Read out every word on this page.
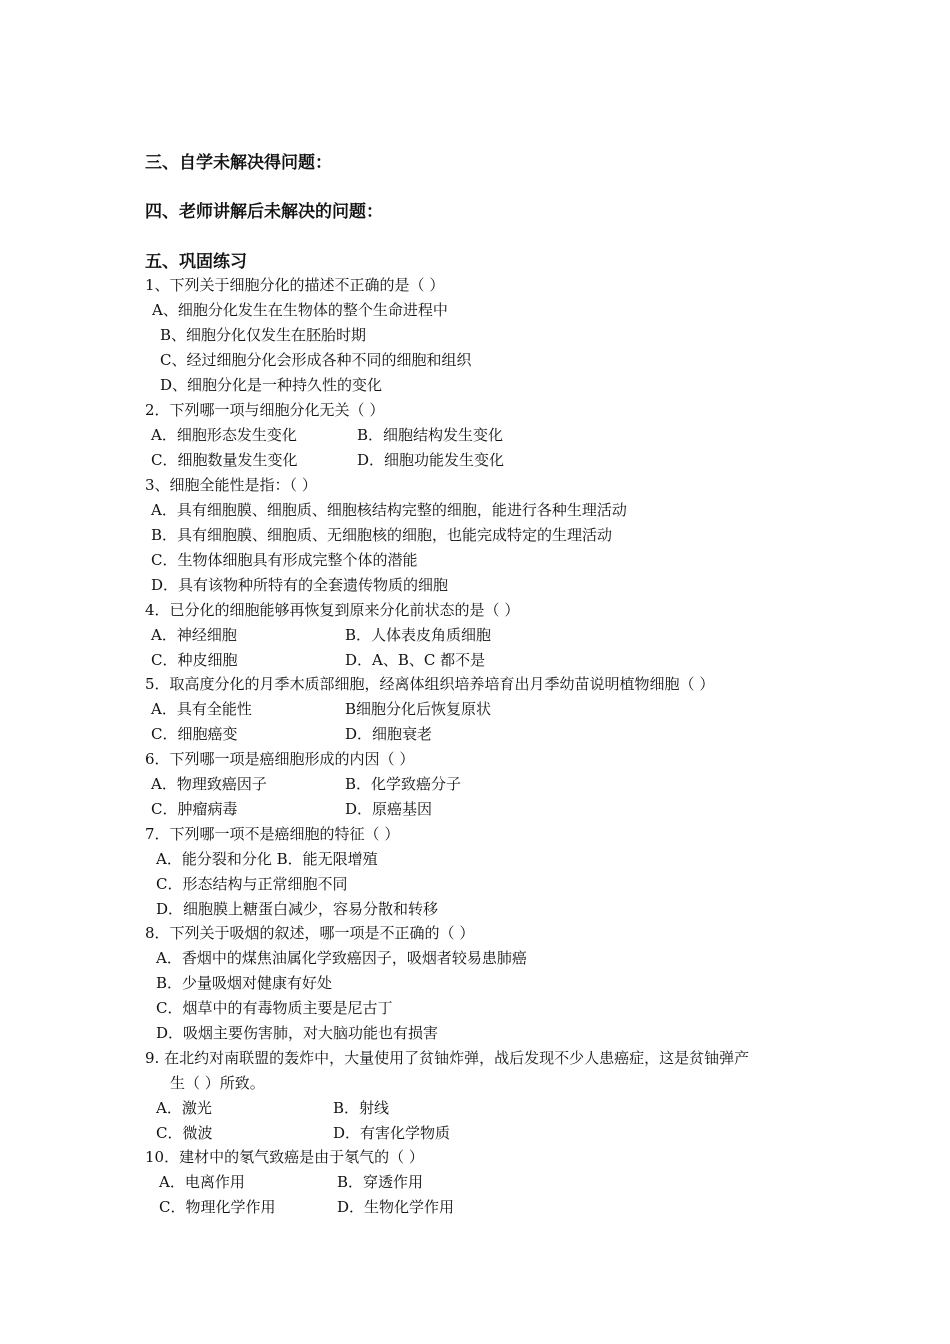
三、自学未解决得问题：
四、老师讲解后未解决的问题：
五、巩固练习
1、下列关于细胞分化的描述不正确的是（ ）
A、细胞分化发生在生物体的整个生命进程中
B、细胞分化仅发生在胚胎时期
C、经过细胞分化会形成各种不同的细胞和组织
D、细胞分化是一种持久性的变化
2．下列哪一项与细胞分化无关（ ）
A．细胞形态发生变化	B．细胞结构发生变化
C．细胞数量发生变化	D．细胞功能发生变化
3、细胞全能性是指：（ ）
A．具有细胞膜、细胞质、细胞核结构完整的细胞，能进行各种生理活动
B．具有细胞膜、细胞质、无细胞核的细胞，也能完成特定的生理活动
C．生物体细胞具有形成完整个体的潜能
D．具有该物种所特有的全套遗传物质的细胞
4．已分化的细胞能够再恢复到原来分化前状态的是（ ）
A．神经细胞	B．人体表皮角质细胞
C．种皮细胞	D．A、B、C 都不是
5．取高度分化的月季木质部细胞，经离体组织培养培育出月季幼苗说明植物细胞（ ）
A．具有全能性	B细胞分化后恢复原状
C．细胞癌变	D．细胞衰老
6．下列哪一项是癌细胞形成的内因（ ）
A．物理致癌因子	B．化学致癌分子
C．肿瘤病毒	D．原癌基因
7．下列哪一项不是癌细胞的特征（ ）
A．能分裂和分化 B．能无限增殖
C．形态结构与正常细胞不同
D．细胞膜上糖蛋白减少，容易分散和转移
8．下列关于吸烟的叙述，哪一项是不正确的（ ）
A．香烟中的煤焦油属化学致癌因子，吸烟者较易患肺癌
B．少量吸烟对健康有好处
C．烟草中的有毒物质主要是尼古丁
D．吸烟主要伤害肺，对大脑功能也有损害
9. 在北约对南联盟的轰炸中，大量使用了贫铀炸弹，战后发现不少人患癌症，这是贫铀弹产
生（ ）所致。
A．激光	B．射线
C．微波	D．有害化学物质
10．建材中的氡气致癌是由于氡气的（ ）
A．电离作用	B．穿透作用
C．物理化学作用	D．生物化学作用
